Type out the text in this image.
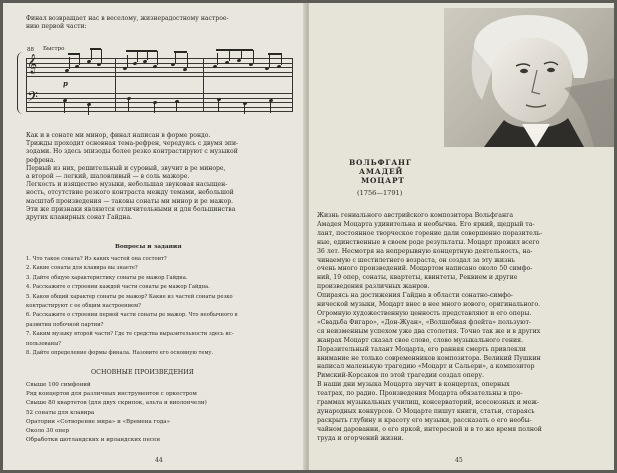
Финал возвращает нас в веселому, жизнерадостному настрое-
нию первой части:
88 Быстро
𝄞
𝄢
p
Как и в сонате ми минор, финал написан в форме рондо.
Трижды проходит основная тема-рефрен, чередуясь с двумя эпи-
зодами. Но здесь эпизоды более резко контрастируют с музыкой
рефрена.
Первый из них, решительный и суровый, звучит в ре миноре,
а второй — легкий, шаловливый — в соль мажоре.
Легкость и изящество музыки, небольшая звуковая насыщен-
ность, отсутствие резкого контраста между темами, небольшой
масштаб произведения — таковы сонаты ми минор и ре мажор.
Эти же признаки являются отличительными и для большинства
других клавирных сонат Гайдна.
Вопросы и задания
1. Что такое соната? Из каких частей она состоит?
2. Какие сонаты для клавира вы знаете?
3. Дайте общую характеристику сонаты ре мажор Гайдна.
4. Расскажите о строении каждой части сонаты ре мажор Гайдна.
5. Каков общий характер сонаты ре мажор? Какие из частей сонаты резко
контрастируют с ее общим настроением?
6. Расскажите о строении первой части сонаты ре мажор. Что необычного в
развитии побочной партии?
7. Каким музыку второй части? Где те средства выразительности здесь ис-
пользованы?
8. Дайте определение формы финала. Назовите его основную тему.
ОСНОВНЫЕ ПРОИЗВЕДЕНИЯ
Свыше 100 симфоний
Ряд концертов для различных инструментов с оркестром
Свыше 80 квартетов (для двух скрипок, альта и виолончели)
52 сонаты для клавира
Оратории «Сотворение мира» и «Времена года»
Около 30 опер
Обработки шотландских и ирландских песен
44
ВОЛЬФГАНГ
АМАДЕЙ
МОЦАРТ
(1756—1791)
Жизнь гениального австрийского композитора Вольфганга
Амадея Моцарта удивительна и необычна. Его яркий, щедрый та-
лант, постоянное творческое горение дали совершенно поразитель-
ные, единственные в своем роде результаты. Моцарт прожил всего
36 лет. Несмотря на непрерывную концертную деятельность, на-
чинаемую с шестилетнего возраста, он создал за эту жизнь
очень много произведений. Моцартом написано около 50 симфо-
ний, 19 опер, сонаты, квартеты, квинтеты, Реквием и другие
произведения различных жанров.
Опираясь на достижения Гайдна в области сонатно-симфо-
нической музыки, Моцарт внес в нее много нового, оригинального.
Огромную художественную ценность представляют и его оперы.
«Свадьба Фигаро», «Дон-Жуан», «Волшебная флейта» пользуют-
ся неизменным успехом уже два столетия. Точно так же и в других
жанрах Моцарт сказал свое слово, слово музыкального гения.
Поразительный талант Моцарта, его ранняя смерть привлекли
внимание не только современников композитора. Великий Пушкин
написал маленькую трагедию «Моцарт и Сальери», а композитор
Римский-Корсаков по этой трагедии создал оперу.
В наши дни музыка Моцарта звучит в концертах, оперных
театрах, по радио. Произведения Моцарта обязательны в про-
граммах музыкальных училищ, консерваторий, всесоюзных и меж-
дународных конкурсов. О Моцарте пишут книги, статьи, стараясь
раскрыть глубину и красоту его музыки, рассказать о его необы-
чайном даровании, о его яркой, интересной и в то же время полной
труда и огорчений жизни.
45
